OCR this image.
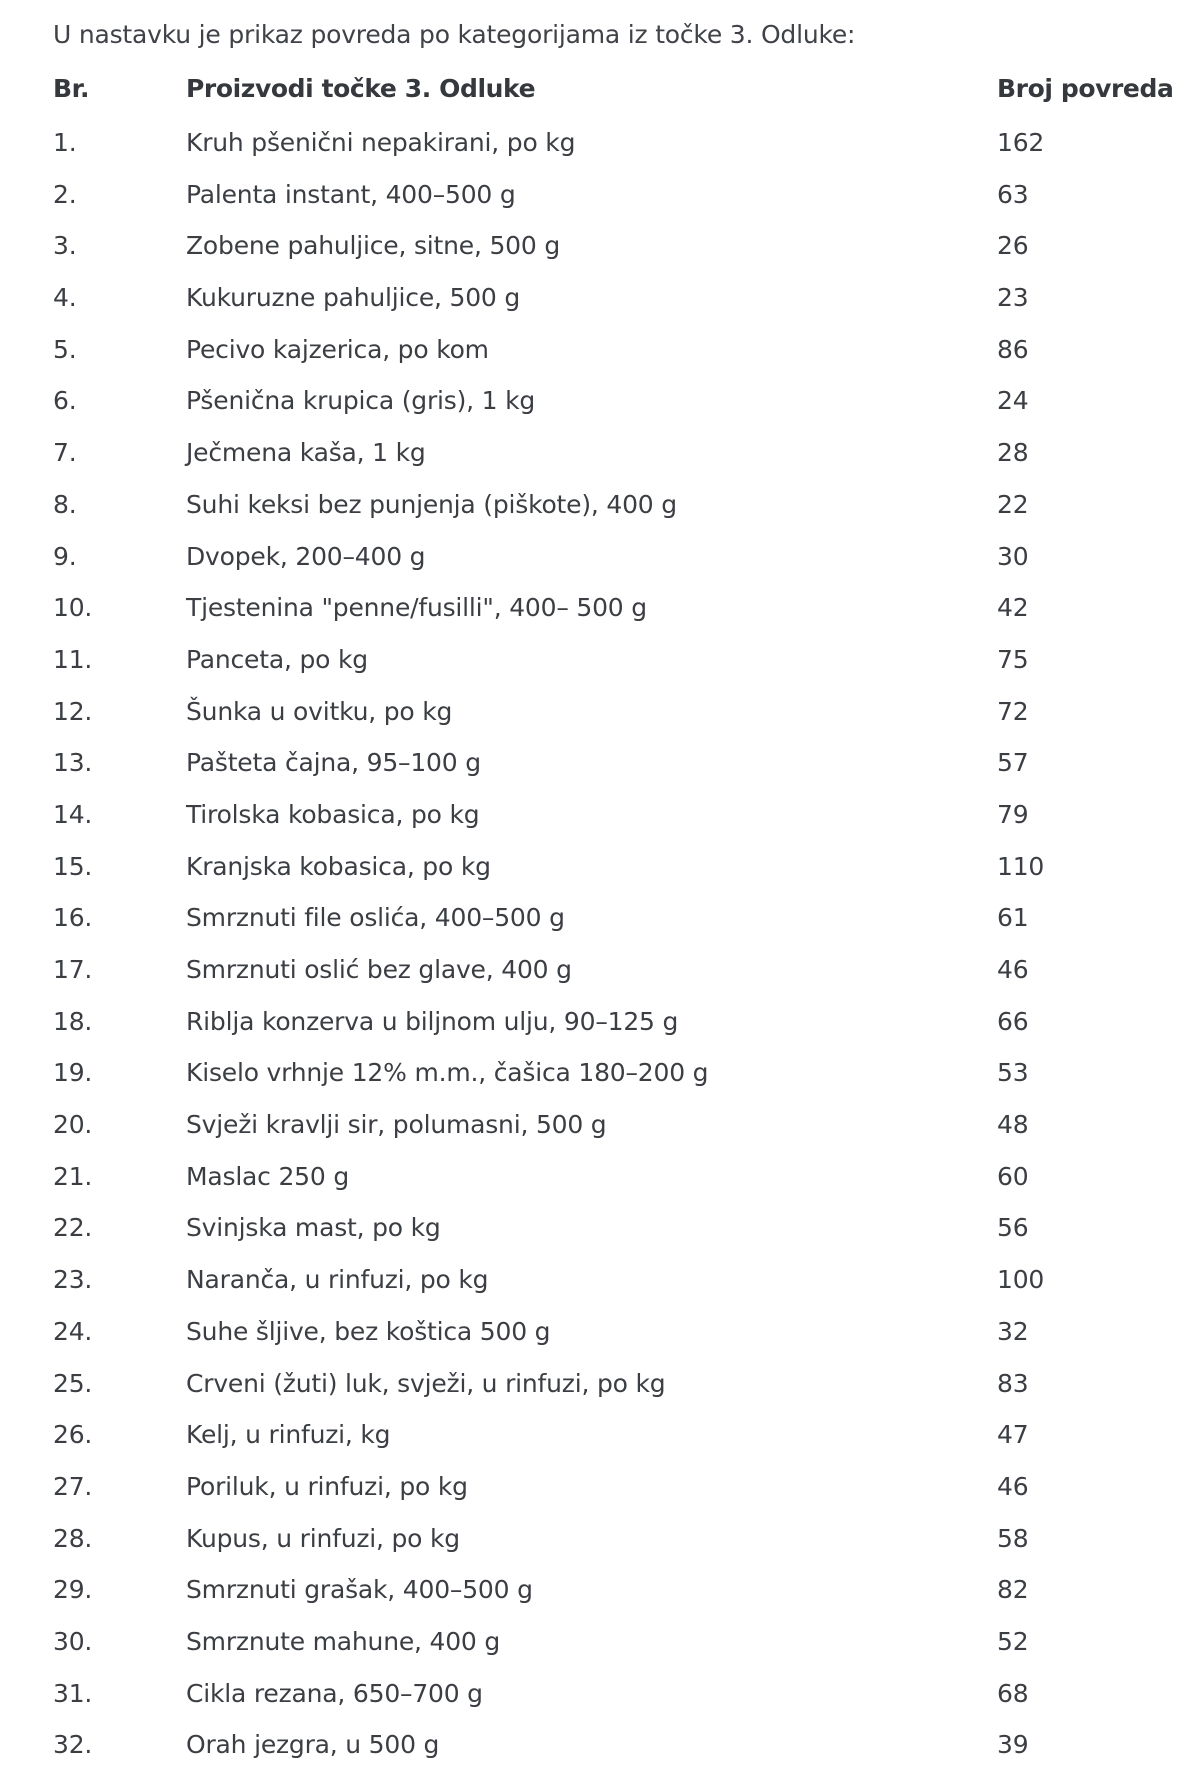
U nastavku je prikaz povreda po kategorijama iz točke 3. Odluke:
Br.	Proizvodi točke 3. Odluke	Broj povreda
1.	Kruh pšenični nepakirani, po kg	162
2.	Palenta instant, 400–500 g	63
3.	Zobene pahuljice, sitne, 500 g	26
4.	Kukuruzne pahuljice, 500 g	23
5.	Pecivo kajzerica, po kom	86
6.	Pšenična krupica (gris), 1 kg	24
7.	Ječmena kaša, 1 kg	28
8.	Suhi keksi bez punjenja (piškote), 400 g	22
9.	Dvopek, 200–400 g	30
10.	Tjestenina "penne/fusilli", 400– 500 g	42
11.	Panceta, po kg	75
12.	Šunka u ovitku, po kg	72
13.	Pašteta čajna, 95–100 g	57
14.	Tirolska kobasica, po kg	79
15.	Kranjska kobasica, po kg	110
16.	Smrznuti file oslića, 400–500 g	61
17.	Smrznuti oslić bez glave, 400 g	46
18.	Riblja konzerva u biljnom ulju, 90–125 g	66
19.	Kiselo vrhnje 12% m.m., čašica 180–200 g	53
20.	Svježi kravlji sir, polumasni, 500 g	48
21.	Maslac 250 g	60
22.	Svinjska mast, po kg	56
23.	Naranča, u rinfuzi, po kg	100
24.	Suhe šljive, bez koštica 500 g	32
25.	Crveni (žuti) luk, svježi, u rinfuzi, po kg	83
26.	Kelj, u rinfuzi, kg	47
27.	Poriluk, u rinfuzi, po kg	46
28.	Kupus, u rinfuzi, po kg	58
29.	Smrznuti grašak, 400–500 g	82
30.	Smrznute mahune, 400 g	52
31.	Cikla rezana, 650–700 g	68
32.	Orah jezgra, u 500 g	39
